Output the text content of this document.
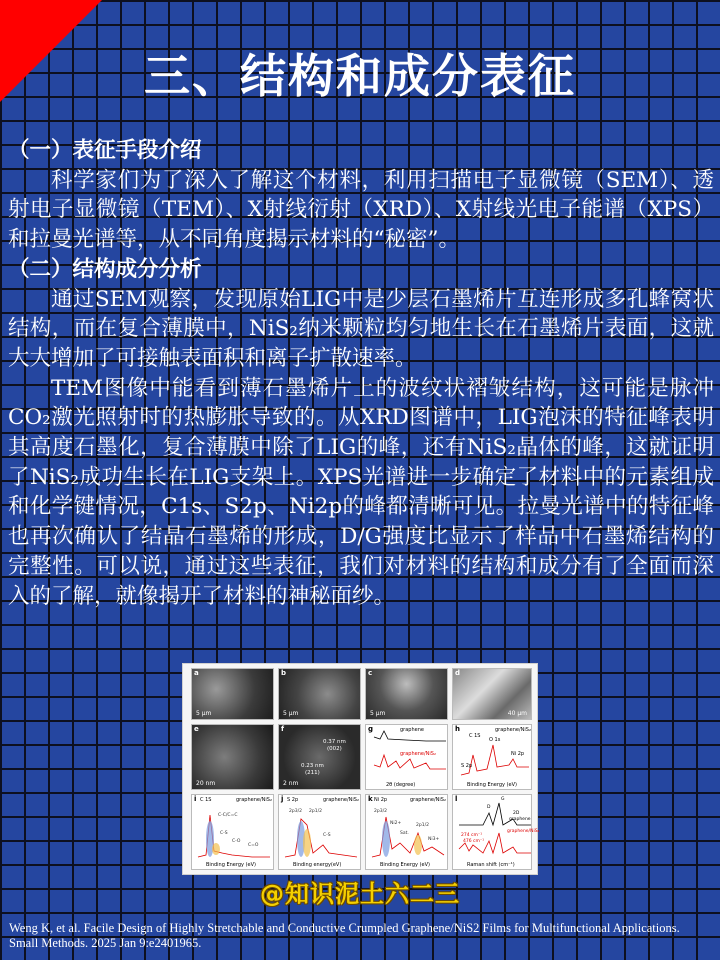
三、结构和成分表征

（一）表征手段介绍

科学家们为了深入了解这个材料，利用扫描电子显微镜（SEM）、透射电子显微镜（TEM）、X射线衍射（XRD）、X射线光电子能谱（XPS）和拉曼光谱等，从不同角度揭示材料的“秘密”。

（二）结构成分分析

通过SEM观察，发现原始LIG中是少层石墨烯片互连形成多孔蜂窝状结构，而在复合薄膜中，NiS₂纳米颗粒均匀地生长在石墨烯片表面，这就大大增加了可接触表面积和离子扩散速率。

TEM图像中能看到薄石墨烯片上的波纹状褶皱结构，这可能是脉冲CO₂激光照射时的热膨胀导致的。从XRD图谱中，LIG泡沫的特征峰表明其高度石墨化，复合薄膜中除了LIG的峰，还有NiS₂晶体的峰，这就证明了NiS₂成功生长在LIG支架上。XPS光谱进一步确定了材料中的元素组成和化学键情况，C1s、S2p、Ni2p的峰都清晰可见。拉曼光谱中的特征峰也再次确认了结晶石墨烯的形成，D/G强度比显示了样品中石墨烯结构的完整性。可以说，通过这些表征，我们对材料的结构和成分有了全面而深入的了解，就像揭开了材料的神秘面纱。

a
5 μm
b
5 μm
c
5 μm
d
40 μm
e
20 nm
f
0.37 nm
(002)
0.23 nm
(211)
2 nm
g	graphene
graphene/NiS₂
2θ (degree)
h
C 1S
O 1s
S 2p
Ni 2p
graphene/NiS₂
Binding Energy (eV)
i C 1S	graphene/NiS₂
C-C/C=C
C-S
C-O
C=O
Binding Energy (eV)
j S 2p	graphene/NiS₂
2p3/2 2p1/2
C-S
Binding energy(eV)
k Ni 2p	graphene/NiS₂
2p3/2
2p1/2
Sat.
Ni2+
Ni3+
Binding Energy (eV)
l
D
G
2D
274 cm⁻¹
476 cm⁻¹
graphene/NiS₂
graphene
Raman shift (cm⁻¹)
@知识泥土六二三
Weng K, et al. Facile Design of Highly Stretchable and Conductive Crumpled Graphene/NiS2 Films for Multifunctional Applications. Small Methods. 2025 Jan 9:e2401965.
